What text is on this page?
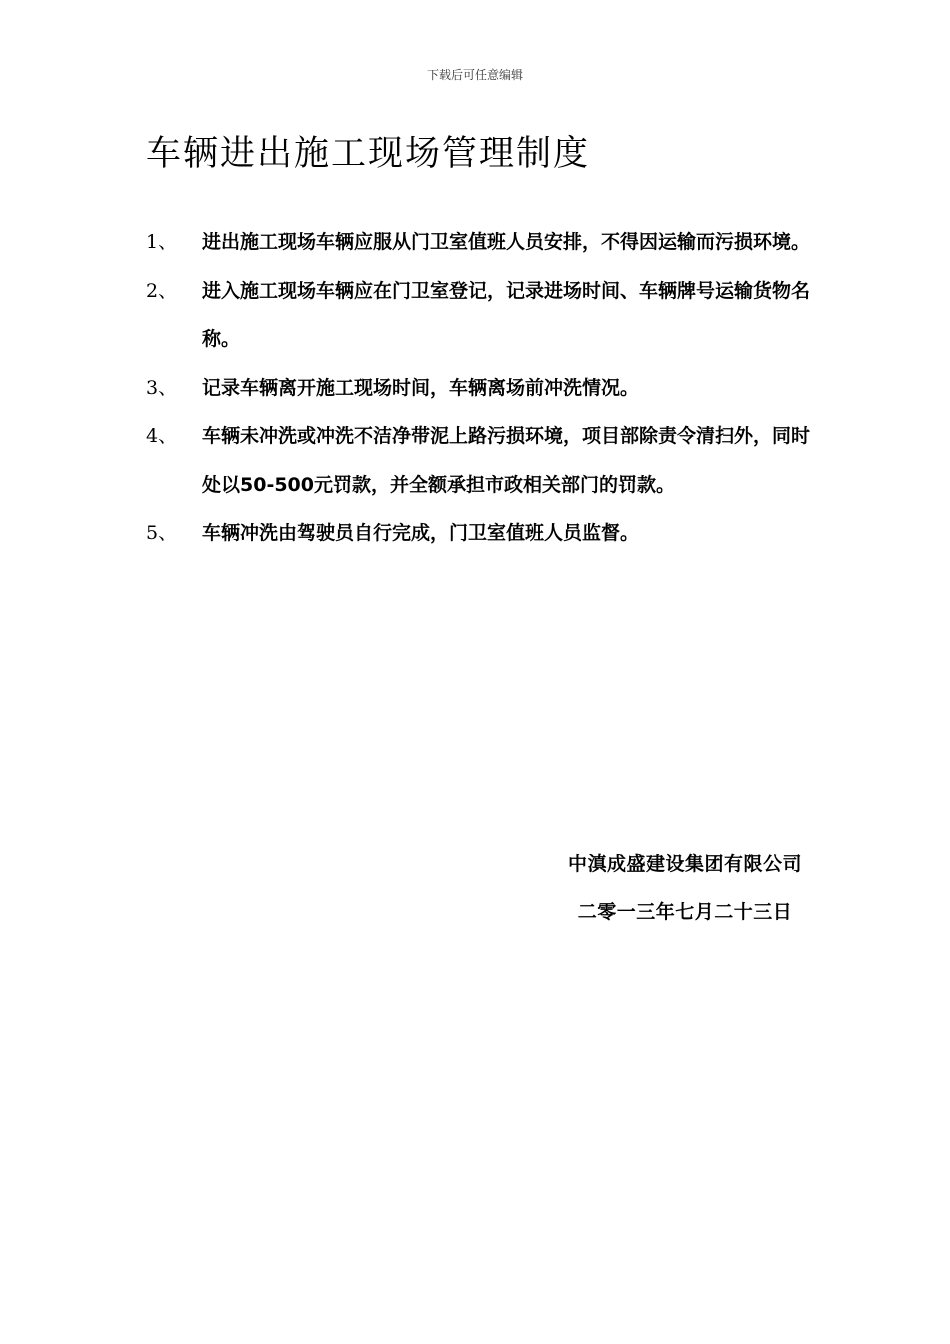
下载后可任意编辑
车辆进出施工现场管理制度
1、 进出施工现场车辆应服从门卫室值班人员安排，不得因运输而污损环境。
2、 进入施工现场车辆应在门卫室登记，记录进场时间、车辆牌号运输货物名称。
3、 记录车辆离开施工现场时间，车辆离场前冲洗情况。
4、 车辆未冲洗或冲洗不洁净带泥上路污损环境，项目部除责令清扫外，同时处以50-500元罚款，并全额承担市政相关部门的罚款。
5、 车辆冲洗由驾驶员自行完成，门卫室值班人员监督。
中滇成盛建设集团有限公司
二零一三年七月二十三日
